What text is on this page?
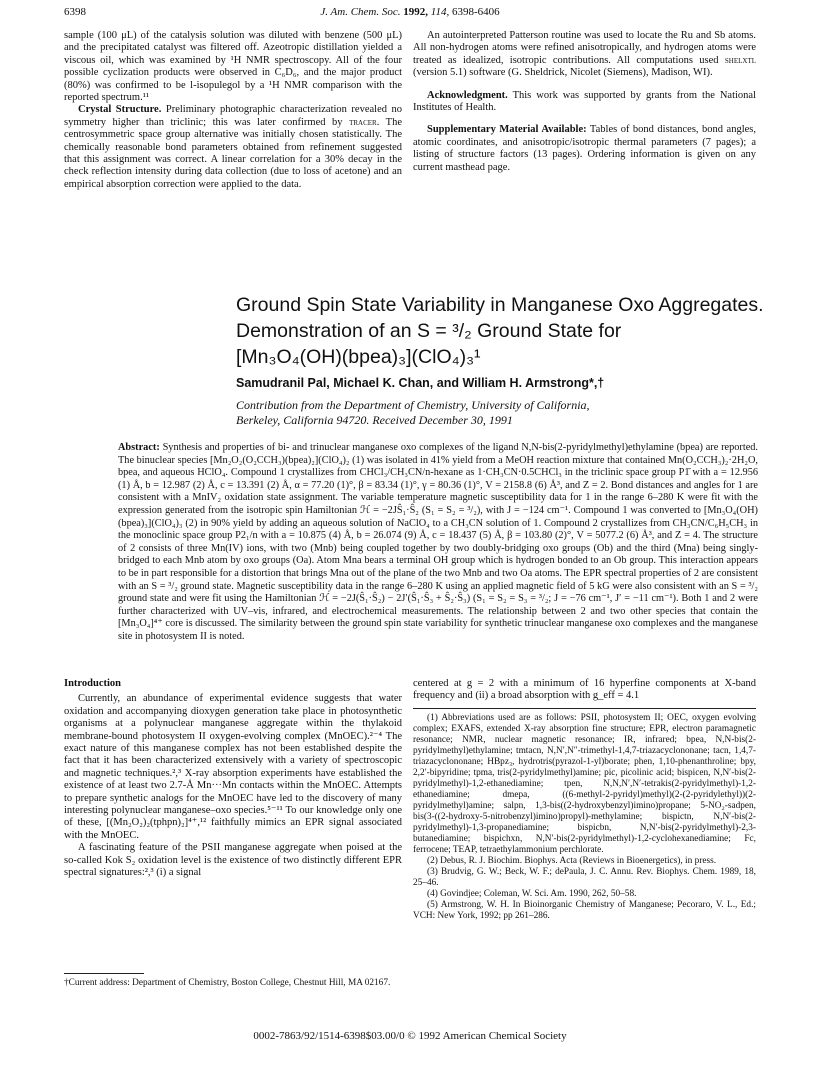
6398	J. Am. Chem. Soc. 1992, 114, 6398-6406

sample (100 μL) of the catalysis solution was diluted with benzene (500 μL) and the precipitated catalyst was filtered off. Azeotropic distillation yielded a viscous oil, which was examined by ¹H NMR spectroscopy. All of the four possible cyclization products were observed in C₆D₆, and the major product (80%) was confirmed to be l-isopulegol by a ¹H NMR comparison with the reported spectrum.¹¹

Crystal Structure. Preliminary photographic characterization revealed no symmetry higher than triclinic; this was later confirmed by tracer. The centrosymmetric space group alternative was initially chosen statistically. The chemically reasonable bond parameters obtained from refinement suggested that this assignment was correct. A linear correlation for a 30% decay in the check reflection intensity during data collection (due to loss of acetone) and an empirical absorption correction were applied to the data.

An autointerpreted Patterson routine was used to locate the Ru and Sb atoms. All non-hydrogen atoms were refined anisotropically, and hydrogen atoms were treated as idealized, isotropic contributions. All computations used shelxtl (version 5.1) software (G. Sheldrick, Nicolet (Siemens), Madison, WI).

Acknowledgment. This work was supported by grants from the National Institutes of Health.

Supplementary Material Available: Tables of bond distances, bond angles, atomic coordinates, and anisotropic/isotropic thermal parameters (7 pages); a listing of structure factors (13 pages). Ordering information is given on any current masthead page.

Ground Spin State Variability in Manganese Oxo Aggregates.
Demonstration of an S = ³/₂ Ground State for
[Mn₃O₄(OH)(bpea)₃](ClO₄)₃¹
Samudranil Pal, Michael K. Chan, and William H. Armstrong*,†
Contribution from the Department of Chemistry, University of California,
Berkeley, California 94720. Received December 30, 1991
Abstract: Synthesis and properties of bi- and trinuclear manganese oxo complexes of the ligand N,N-bis(2-pyridylmethyl)ethylamine (bpea) are reported. The binuclear species [Mn₂O₂(O₂CCH₃)(bpea)₂](ClO₄)₂ (1) was isolated in 41% yield from a MeOH reaction mixture that contained Mn(O₂CCH₃)₂·2H₂O, bpea, and aqueous HClO₄. Compound 1 crystallizes from CHCl₃/CH₃CN/n-hexane as 1·CH₃CN·0.5CHCl₃ in the triclinic space group P1̄ with a = 12.956 (1) Å, b = 12.987 (2) Å, c = 13.391 (2) Å, α = 77.20 (1)°, β = 83.34 (1)°, γ = 80.36 (1)°, V = 2158.8 (6) Å³, and Z = 2. Bond distances and angles for 1 are consistent with a MnIV₂ oxidation state assignment. The variable temperature magnetic susceptibility data for 1 in the range 6–280 K were fit with the expression generated from the isotropic spin Hamiltonian ℋ = −2JŜ₁·Ŝ₂ (S₁ = S₂ = ³/₂), with J = −124 cm⁻¹. Compound 1 was converted to [Mn₃O₄(OH)(bpea)₃](ClO₄)₃ (2) in 90% yield by adding an aqueous solution of NaClO₄ to a CH₃CN solution of 1. Compound 2 crystallizes from CH₃CN/C₆H₅CH₃ in the monoclinic space group P2₁/n with a = 10.875 (4) Å, b = 26.074 (9) Å, c = 18.437 (5) Å, β = 103.80 (2)°, V = 5077.2 (6) Å³, and Z = 4. The structure of 2 consists of three Mn(IV) ions, with two (Mnb) being coupled together by two doubly-bridging oxo groups (Ob) and the third (Mna) being singly-bridged to each Mnb atom by oxo groups (Oa). Atom Mna bears a terminal OH group which is hydrogen bonded to an Ob group. This interaction appears to be in part responsible for a distortion that brings Mna out of the plane of the two Mnb and two Oa atoms. The EPR spectral properties of 2 are consistent with an S = ³/₂ ground state. Magnetic susceptibility data in the range 6–280 K using an applied magnetic field of 5 kG were also consistent with an S = ³/₂ ground state and were fit using the Hamiltonian ℋ = −2J(Ŝ₁·Ŝ₂) − 2J′(Ŝ₁·Ŝ₃ + Ŝ₂·Ŝ₃) (S₁ = S₂ = S₃ = ³/₂; J = −76 cm⁻¹, J′ = −11 cm⁻¹). Both 1 and 2 were further characterized with UV–vis, infrared, and electrochemical measurements. The relationship between 2 and two other species that contain the [Mn₃O₄]⁴⁺ core is discussed. The similarity between the ground spin state variability for synthetic trinuclear manganese oxo complexes and the manganese site in photosystem II is noted.

Introduction

Currently, an abundance of experimental evidence suggests that water oxidation and accompanying dioxygen generation take place in photosynthetic organisms at a polynuclear manganese aggregate within the thylakoid membrane-bound photosystem II oxygen-evolving complex (MnOEC).²⁻⁴ The exact nature of this manganese complex has not been established despite the fact that it has been characterized extensively with a variety of spectroscopic and magnetic techniques.²,³ X-ray absorption experiments have established the existence of at least two 2.7-Å Mn···Mn contacts within the MnOEC. Attempts to prepare synthetic analogs for the MnOEC have led to the discovery of many interesting polynuclear manganese–oxo species.⁵⁻¹¹ To our knowledge only one of these, [(Mn₂O₂)₂(tphpn)₂]⁴⁺,¹² faithfully mimics an EPR signal associated with the MnOEC.

A fascinating feature of the PSII manganese aggregate when poised at the so-called Kok S₂ oxidation level is the existence of two distinctly different EPR spectral signatures:²,³ (i) a signal

†Current address: Department of Chemistry, Boston College, Chestnut Hill, MA 02167.
centered at g = 2 with a minimum of 16 hyperfine components at X-band frequency and (ii) a broad absorption with g_eff = 4.1

(1) Abbreviations used are as follows: PSII, photosystem II; OEC, oxygen evolving complex; EXAFS, extended X-ray absorption fine structure; EPR, electron paramagnetic resonance; NMR, nuclear magnetic resonance; IR, infrared; bpea, N,N-bis(2-pyridylmethyl)ethylamine; tmtacn, N,N′,N″-trimethyl-1,4,7-triazacyclononane; tacn, 1,4,7-triazacyclononane; HBpz₃, hydrotris(pyrazol-1-yl)borate; phen, 1,10-phenanthroline; bpy, 2,2′-bipyridine; tpma, tris(2-pyridylmethyl)amine; pic, picolinic acid; bispicen, N,N′-bis(2-pyridylmethyl)-1,2-ethanediamine; tpen, N,N,N′,N′-tetrakis(2-pyridylmethyl)-1,2-ethanediamine; dmepa, ((6-methyl-2-pyridyl)methyl)(2-(2-pyridylethyl))(2-pyridylmethyl)amine; salpn, 1,3-bis((2-hydroxybenzyl)imino)propane; 5-NO₂-sadpen, bis(3-((2-hydroxy-5-nitrobenzyl)imino)propyl)-methylamine; bispictn, N,N′-bis(2-pyridylmethyl)-1,3-propanediamine; bispicbn, N,N′-bis(2-pyridylmethyl)-2,3-butanediamine; bispichxn, N,N′-bis(2-pyridylmethyl)-1,2-cyclohexanediamine; Fc, ferrocene; TEAP, tetraethylammonium perchlorate.

(2) Debus, R. J. Biochim. Biophys. Acta (Reviews in Bioenergetics), in press.

(3) Brudvig, G. W.; Beck, W. F.; dePaula, J. C. Annu. Rev. Biophys. Chem. 1989, 18, 25–46.

(4) Govindjee; Coleman, W. Sci. Am. 1990, 262, 50–58.

(5) Armstrong, W. H. In Bioinorganic Chemistry of Manganese; Pecoraro, V. L., Ed.; VCH: New York, 1992; pp 261–286.

0002-7863/92/1514-6398$03.00/0 © 1992 American Chemical Society
